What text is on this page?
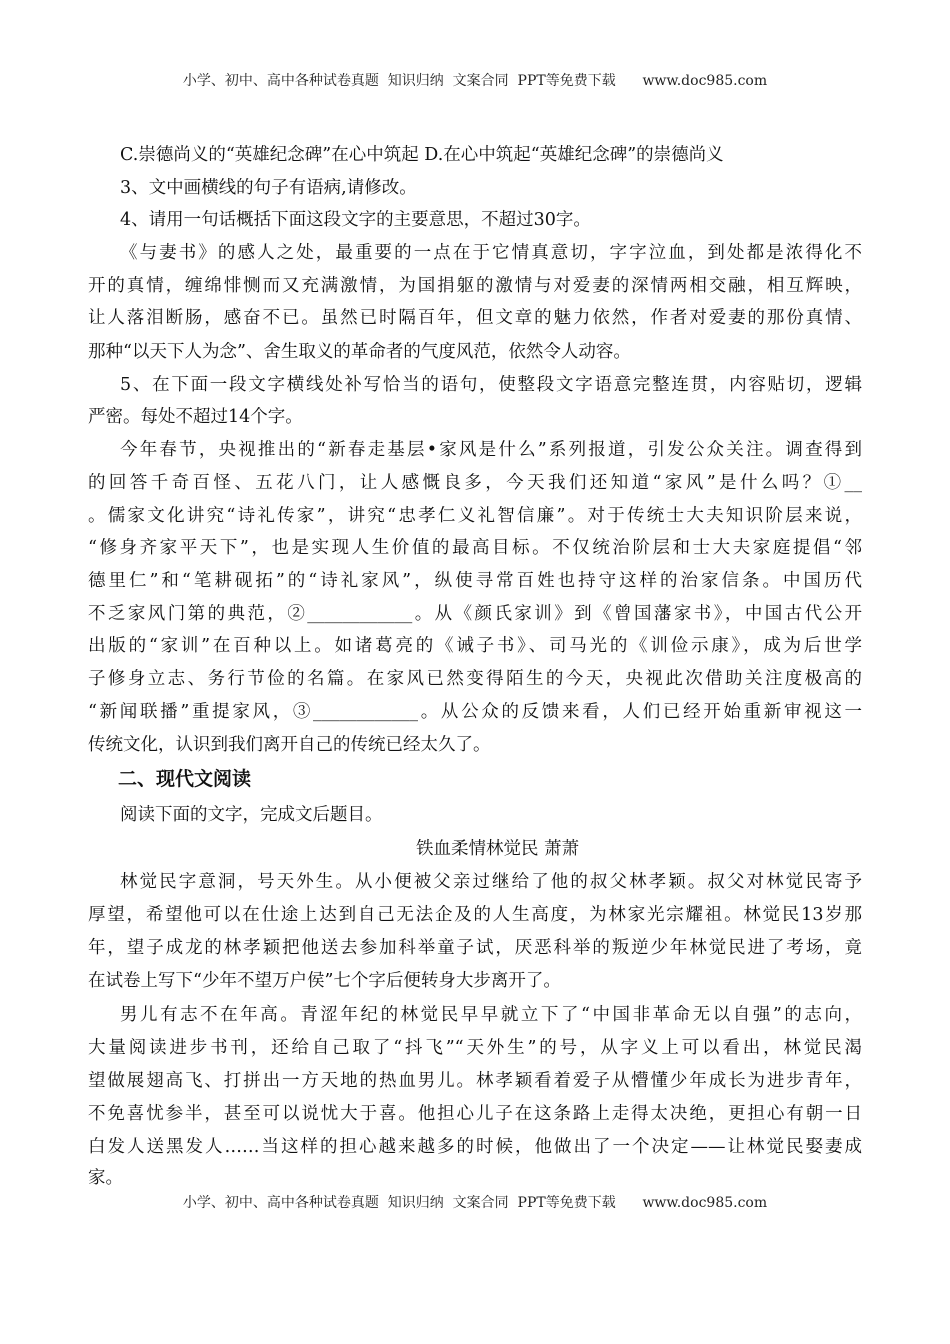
小学、初中、高中各种试卷真题  知识归纳  文案合同  PPT等免费下载      www.doc985.com
C.崇德尚义的“英雄纪念碑”在心中筑起 D.在心中筑起“英雄纪念碑”的崇德尚义
3、文中画横线的句子有语病,请修改。
4、请用一句话概括下面这段文字的主要意思，不超过30字。
《与妻书》的感人之处，最重要的一点在于它情真意切，字字泣血，到处都是浓得化不
开的真情，缠绵悱恻而又充满激情，为国捐躯的激情与对爱妻的深情两相交融，相互辉映，
让人落泪断肠，感奋不已。虽然已时隔百年，但文章的魅力依然，作者对爱妻的那份真情、
那种“以天下人为念”、舍生取义的革命者的气度风范，依然令人动容。
5、在下面一段文字横线处补写恰当的语句，使整段文字语意完整连贯，内容贴切，逻辑
严密。每处不超过14个字。
今年春节，央视推出的“新春走基层•家风是什么”系列报道，引发公众关注。调查得到
的回答千奇百怪、五花八门，让人感慨良多，今天我们还知道“家风”是什么吗？①__
。儒家文化讲究“诗礼传家”，讲究“忠孝仁义礼智信廉”。对于传统士大夫知识阶层来说，
“修身齐家平天下”，也是实现人生价值的最高目标。不仅统治阶层和士大夫家庭提倡“邻
德里仁”和“笔耕砚拓”的“诗礼家风”，纵使寻常百姓也持守这样的治家信条。中国历代
不乏家风门第的典范，②____________。从《颜氏家训》到《曾国藩家书》，中国古代公开
出版的“家训”在百种以上。如诸葛亮的《诫子书》、司马光的《训俭示康》，成为后世学
子修身立志、务行节俭的名篇。在家风已然变得陌生的今天，央视此次借助关注度极高的
“新闻联播”重提家风，③____________。从公众的反馈来看，人们已经开始重新审视这一
传统文化，认识到我们离开自己的传统已经太久了。
二、现代文阅读
阅读下面的文字，完成文后题目。
铁血柔情林觉民 萧萧
林觉民字意洞，号天外生。从小便被父亲过继给了他的叔父林孝颖。叔父对林觉民寄予
厚望，希望他可以在仕途上达到自己无法企及的人生高度，为林家光宗耀祖。林觉民13岁那
年，望子成龙的林孝颖把他送去参加科举童子试，厌恶科举的叛逆少年林觉民进了考场，竟
在试卷上写下“少年不望万户侯”七个字后便转身大步离开了。
男儿有志不在年高。青涩年纪的林觉民早早就立下了“中国非革命无以自强”的志向，
大量阅读进步书刊，还给自己取了“抖飞”“天外生”的号，从字义上可以看出，林觉民渴
望做展翅高飞、打拼出一方天地的热血男儿。林孝颖看着爱子从懵懂少年成长为进步青年，
不免喜忧参半，甚至可以说忧大于喜。他担心儿子在这条路上走得太决绝，更担心有朝一日
白发人送黑发人……当这样的担心越来越多的时候，他做出了一个决定——让林觉民娶妻成
家。
小学、初中、高中各种试卷真题  知识归纳  文案合同  PPT等免费下载      www.doc985.com
